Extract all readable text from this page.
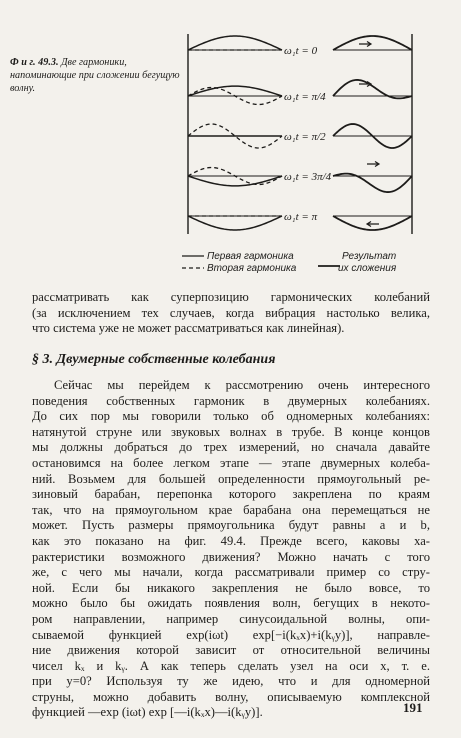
Ф и г. 49.3. Две гармоники, напоминающие при сложении бегущую волну.
ω₁t = 0
ω₁t = π/4
ω₁t = π/2
ω₁t = 3π/4
ω₁t = π
Первая гармоника
Вторая гармоника
Результат
их сложения

рассматривать как суперпозицию гармонических колебаний
(за исключением тех случаев, когда вибрация настолько велика,
что система уже не может рассматриваться как линейная).

§ 3. Двумерные собственные колебания

Сейчас мы перейдем к рассмотрению очень интересного
поведения собственных гармоник в двумерных колебаниях.
До сих пор мы говорили только об одномерных колебаниях:
натянутой струне или звуковых волнах в трубе. В конце концов
мы должны добраться до трех измерений, но сначала давайте
остановимся на более легком этапе — этапе двумерных колеба-
ний. Возьмем для большей определенности прямоугольный ре-
зиновый барабан, перепонка которого закреплена по краям
так, что на прямоугольном крае барабана она перемещаться не
может. Пусть размеры прямоугольника будут равны a и b,
как это показано на фиг. 49.4. Прежде всего, каковы ха-
рактеристики возможного движения? Можно начать с того
же, с чего мы начали, когда рассматривали пример со стру-
ной. Если бы никакого закрепления не было вовсе, то
можно было бы ожидать появления волн, бегущих в некото-
ром направлении, например синусоидальной волны, опи-
сываемой функцией exp(iωt) exp[−i(kₓx)+i(kᵧy)], направле-
ние движения которой зависит от относительной величины
чисел kₓ и kᵧ. А как теперь сделать узел на оси x, т. е.
при y=0? Используя ту же идею, что и для одномерной
струны, можно добавить волну, описываемую комплексной
функцией —exp (iωt) exp [—i(kₓx)—i(kᵧy)].	191
